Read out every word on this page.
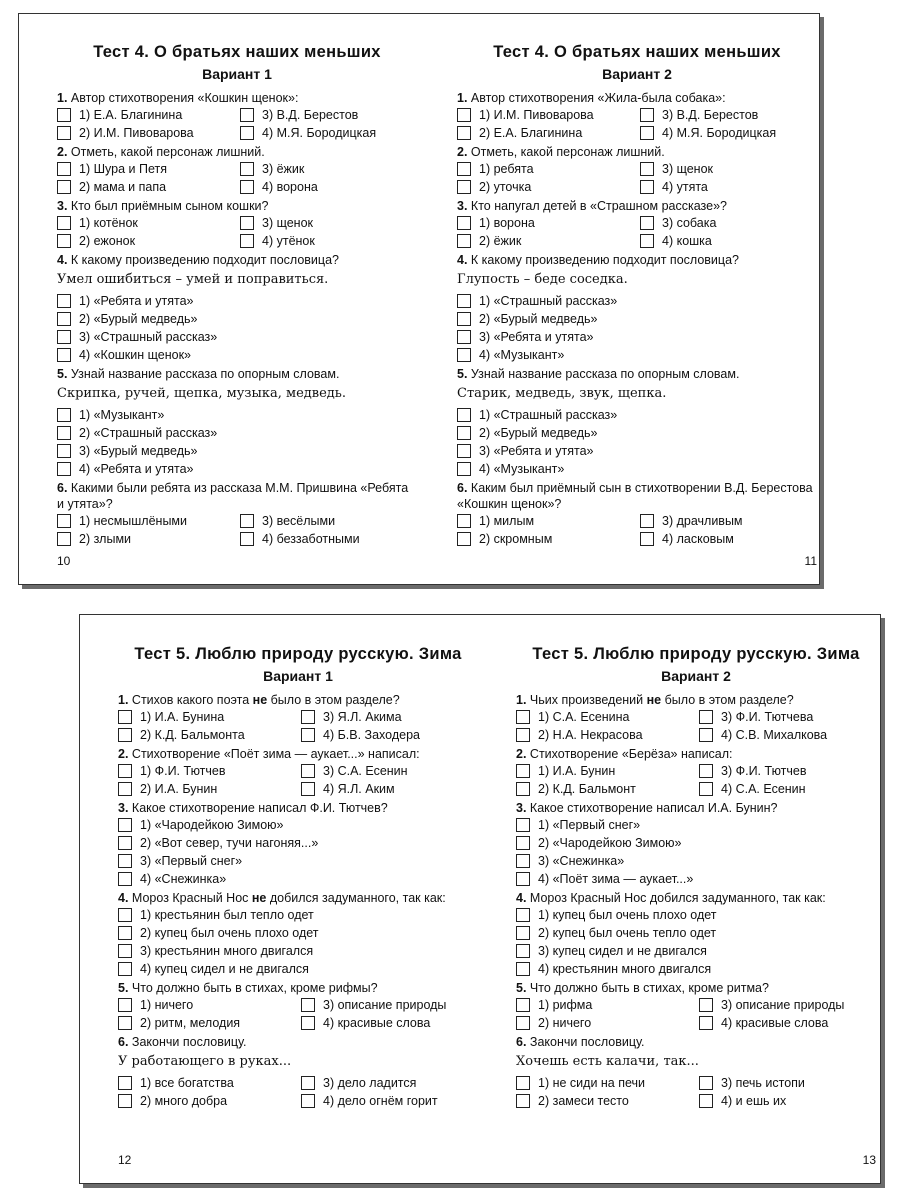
Тест 4. О братьях наших меньших
Вариант 1
1. Автор стихотворения «Кошкин щенок»:
1) Е.А. Благинина	3) В.Д. Берестов
2) И.М. Пивоварова	4) М.Я. Бородицкая
2. Отметь, какой персонаж лишний.
1) Шура и Петя	3) ёжик
2) мама и папа	4) ворона
3. Кто был приёмным сыном кошки?
1) котёнок	3) щенок
2) ежонок	4) утёнок
4. К какому произведению подходит пословица?
Умел ошибиться – умей и поправиться.
1) «Ребята и утята»
2) «Бурый медведь»
3) «Страшный рассказ»
4) «Кошкин щенок»
5. Узнай название рассказа по опорным словам.
Скрипка, ручей, щепка, музыка, медведь.
1) «Музыкант»
2) «Страшный рассказ»
3) «Бурый медведь»
4) «Ребята и утята»
6. Какими были ребята из рассказа М.М. Пришвина «Ребята и утята»?
1) несмышлёными	3) весёлыми
2) злыми	4) беззаботными
10
Тест 4. О братьях наших меньших
Вариант 2
1. Автор стихотворения «Жила-была собака»:
1) И.М. Пивоварова	3) В.Д. Берестов
2) Е.А. Благинина	4) М.Я. Бородицкая
2. Отметь, какой персонаж лишний.
1) ребята	3) щенок
2) уточка	4) утята
3. Кто напугал детей в «Страшном рассказе»?
1) ворона	3) собака
2) ёжик	4) кошка
4. К какому произведению подходит пословица?
Глупость – беде соседка.
1) «Страшный рассказ»
2) «Бурый медведь»
3) «Ребята и утята»
4) «Музыкант»
5. Узнай название рассказа по опорным словам.
Старик, медведь, звук, щепка.
1) «Страшный рассказ»
2) «Бурый медведь»
3) «Ребята и утята»
4) «Музыкант»
6. Каким был приёмный сын в стихотворении В.Д. Берестова «Кошкин щенок»?
1) милым	3) драчливым
2) скромным	4) ласковым
11
Тест 5. Люблю природу русскую. Зима
Вариант 1
1. Стихов какого поэта не было в этом разделе?
1) И.А. Бунина	3) Я.Л. Акима
2) К.Д. Бальмонта	4) Б.В. Заходера
2. Стихотворение «Поёт зима — аукает...» написал:
1) Ф.И. Тютчев	3) С.А. Есенин
2) И.А. Бунин	4) Я.Л. Аким
3. Какое стихотворение написал Ф.И. Тютчев?
1) «Чародейкою Зимою»
2) «Вот север, тучи нагоняя...»
3) «Первый снег»
4) «Снежинка»
4. Мороз Красный Нос не добился задуманного, так как:
1) крестьянин был тепло одет
2) купец был очень плохо одет
3) крестьянин много двигался
4) купец сидел и не двигался
5. Что должно быть в стихах, кроме рифмы?
1) ничего	3) описание природы
2) ритм, мелодия	4) красивые слова
6. Закончи пословицу.
У работающего в руках...
1) все богатства	3) дело ладится
2) много добра	4) дело огнём горит
12
Тест 5. Люблю природу русскую. Зима
Вариант 2
1. Чьих произведений не было в этом разделе?
1) С.А. Есенина	3) Ф.И. Тютчева
2) Н.А. Некрасова	4) С.В. Михалкова
2. Стихотворение «Берёза» написал:
1) И.А. Бунин	3) Ф.И. Тютчев
2) К.Д. Бальмонт	4) С.А. Есенин
3. Какое стихотворение написал И.А. Бунин?
1) «Первый снег»
2) «Чародейкою Зимою»
3) «Снежинка»
4) «Поёт зима — аукает...»
4. Мороз Красный Нос добился задуманного, так как:
1) купец был очень плохо одет
2) купец был очень тепло одет
3) купец сидел и не двигался
4) крестьянин много двигался
5. Что должно быть в стихах, кроме ритма?
1) рифма	3) описание природы
2) ничего	4) красивые слова
6. Закончи пословицу.
Хочешь есть калачи, так...
1) не сиди на печи	3) печь истопи
2) замеси тесто	4) и ешь их
13
